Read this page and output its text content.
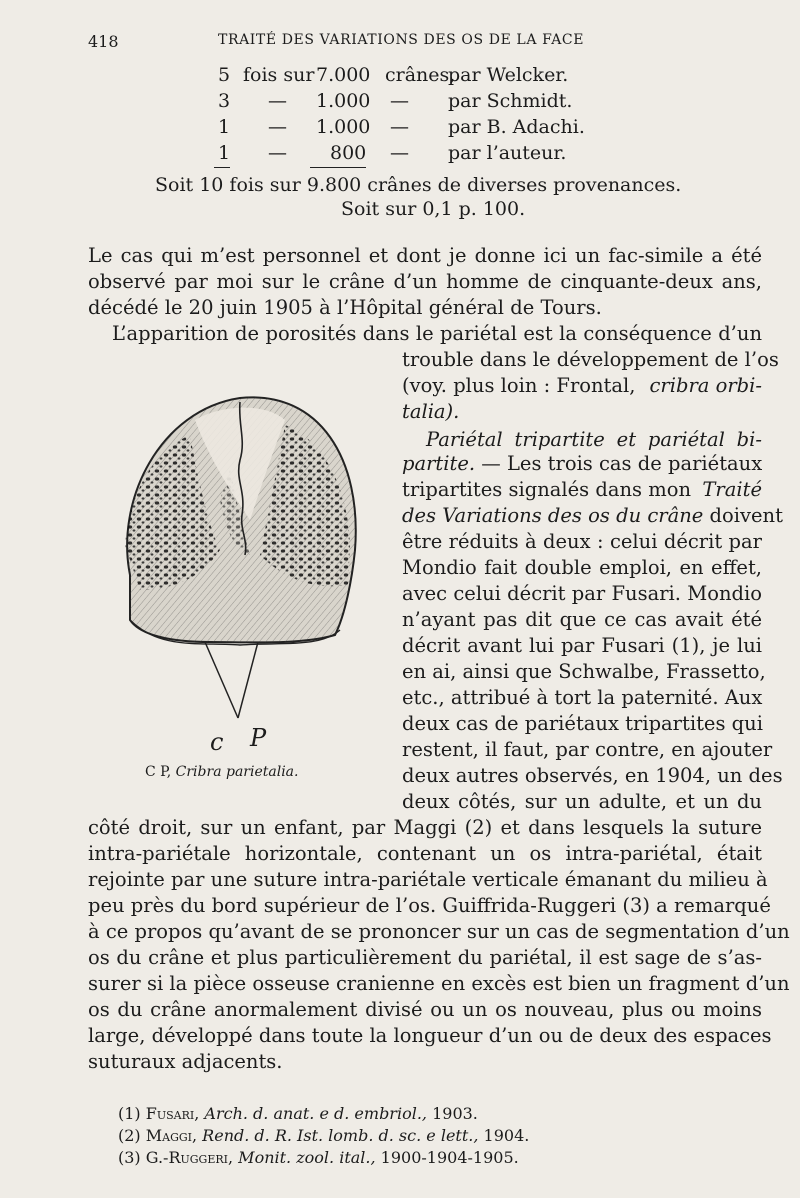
418	TRAITÉ DES VARIATIONS DES OS DE LA FACE
5 fois sur 7.000 crânes,
par Welcker.
3 — 1.000 — par Schmidt.
1 — 1.000 — par B. Adachi.
1 — 800 — par l’auteur.
Soit 10 fois sur 9.800 crânes de diverses provenances.
Soit sur 0,1 p. 100.
Le cas qui m’est personnel et dont je donne ici un fac-simile a été
observé par moi sur le crâne d’un homme de cinquante-deux ans,
décédé le 20 juin 1905 à l’Hôpital général de Tours.
L’apparition de porosités dans le pariétal est la conséquence d’un
trouble dans le développement de l’os
(voy. plus loin : Frontal, cribra orbi-
talia).
Pariétal tripartite et pariétal bi-
partite. — Les trois cas de pariétaux
tripartites signalés dans mon Traité
des Variations des os du crâne doivent
être réduits à deux : celui décrit par
Mondio fait double emploi, en effet,
avec celui décrit par Fusari. Mondio
n’ayant pas dit que ce cas avait été
décrit avant lui par Fusari (1), je lui
en ai, ainsi que Schwalbe, Frassetto,
etc., attribué à tort la paternité. Aux
deux cas de pariétaux tripartites qui
restent, il faut, par contre, en ajouter
deux autres observés, en 1904, un des
deux côtés, sur un adulte, et un du
côté droit, sur un enfant, par Maggi (2) et dans lesquels la suture
intra-pariétale horizontale, contenant un os intra-pariétal, était
rejointe par une suture intra-pariétale verticale émanant du milieu à
peu près du bord supérieur de l’os. Guiffrida-Ruggeri (3) a remarqué
à ce propos qu’avant de se prononcer sur un cas de segmentation d’un
os du crâne et plus particulièrement du pariétal, il est sage de s’as-
surer si la pièce osseuse cranienne en excès est bien un fragment d’un
os du crâne anormalement divisé ou un os nouveau, plus ou moins
large, développé dans toute la longueur d’un ou de deux des espaces
suturaux adjacents.
c P
C P, Cribra parietalia.
(1) Fusari, Arch. d. anat. e d. embriol., 1903.
(2) Maggi, Rend. d. R. Ist. lomb. d. sc. e lett., 1904.
(3) G.-Ruggeri, Monit. zool. ital., 1900-1904-1905.
